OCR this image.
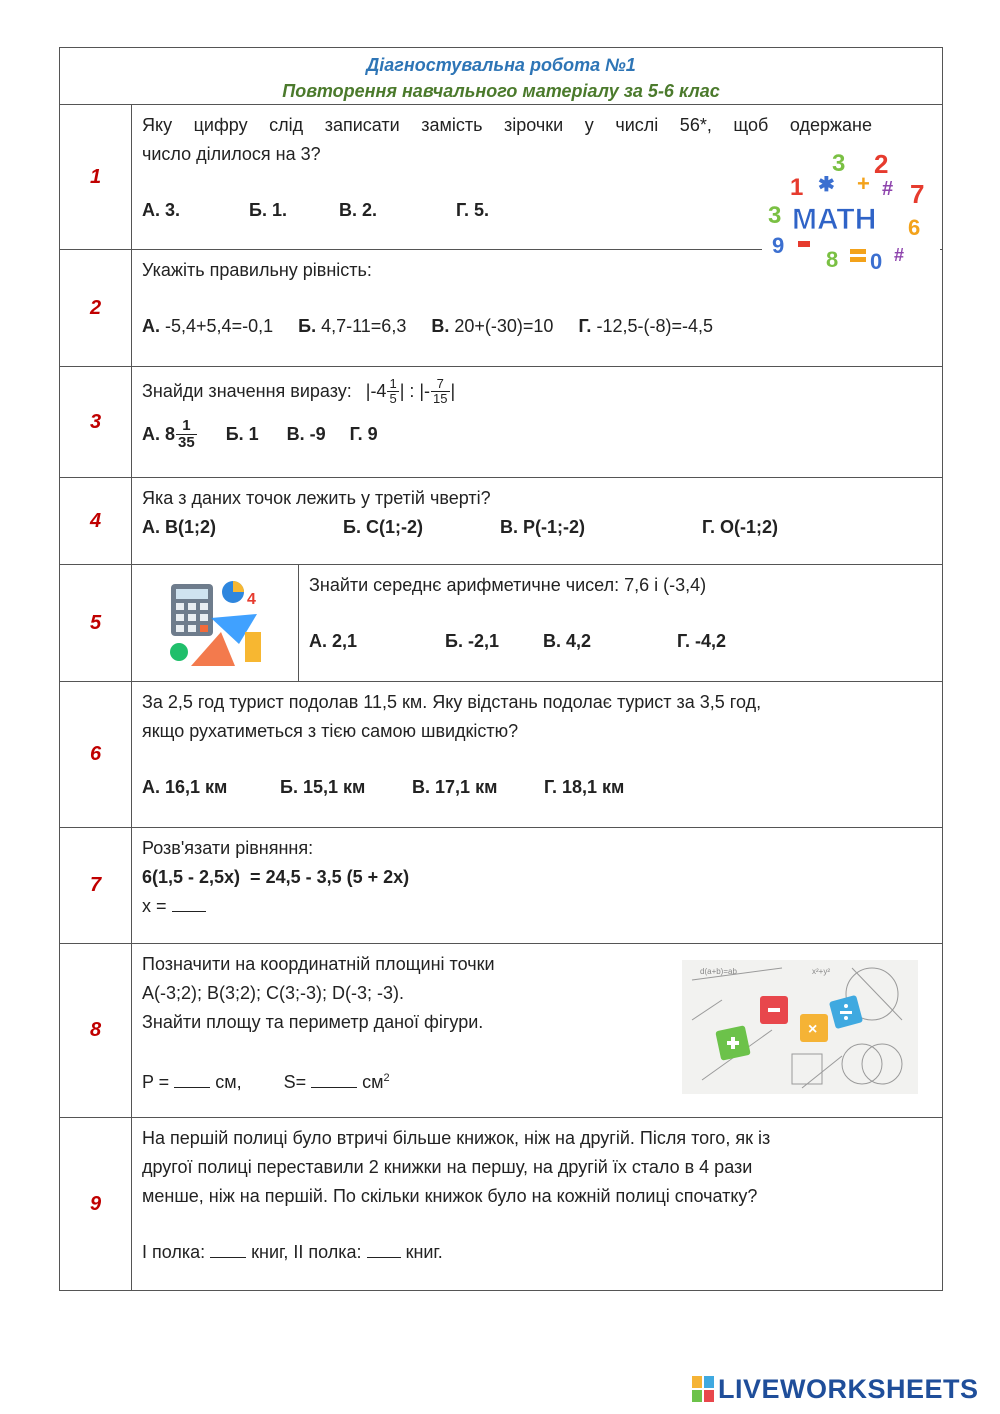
Діагностувальна робота №1
Повторення навчального матеріалу за 5-6 клас
1
Яку цифру слід записати замість зірочки у числі 56*, щоб одержане
число ділилося на 3?
А. 3.	Б. 1.	В. 2.	Г. 5.
3 2
1 ✱ + # 7
3 MATH 6
9
8 0 #
2
Укажіть правильну рівність:
А. -5,4+5,4=-0,1 Б. 4,7-11=6,3 В. 20+(-30)=10 Г. -12,5-(-8)=-4,5
3
Знайди значення виразу: $|-4 \frac{1}{5}$ | : |- $\frac{7}{15}$ |
А. $8 \frac{1}{35} Б$. 1 В. -9 Г. 9
4
Яка з даних точок лежить у третій чверті?
А. B(1;2)	Б. C(1;-2)	В. P(-1;-2)	Г. O(-1;2)
5
4
Знайти середнє арифметичне чисел: 7,6 і (-3,4)
А. 2,1	Б. -2,1 В. 4,2	Г. -4,2
6
За 2,5 год турист подолав 11,5 км. Яку відстань подолає турист за 3,5 год,
якщо рухатиметься з тією самою швидкістю?
А. 16,1 км	Б. 15,1 км	В. 17,1 км	Г. 18,1 км
7
Розв'язати рівняння:
6(1,5 - 2,5x)  = 24,5 - 3,5 (5 + 2x)
x =
8
Позначити на координатній площині точки
A(-3;2); B(3;2); C(3;-3); D(-3; -3).
Знайти площу та периметр даної фігури.
P =  см, S=	$см^2$
d(a+b)=ab	x²+y²
×
9
На першій полиці було втричі більше книжок, ніж на другій. Після того, як із
другої полиці переставили 2 книжки на першу, на другій їх стало в 4 рази
менше, ніж на першій. По скільки книжок було на кожній полиці спочатку?
І полка:  книг, ІІ полка:  книг.
LIVEWORKSHEETS
